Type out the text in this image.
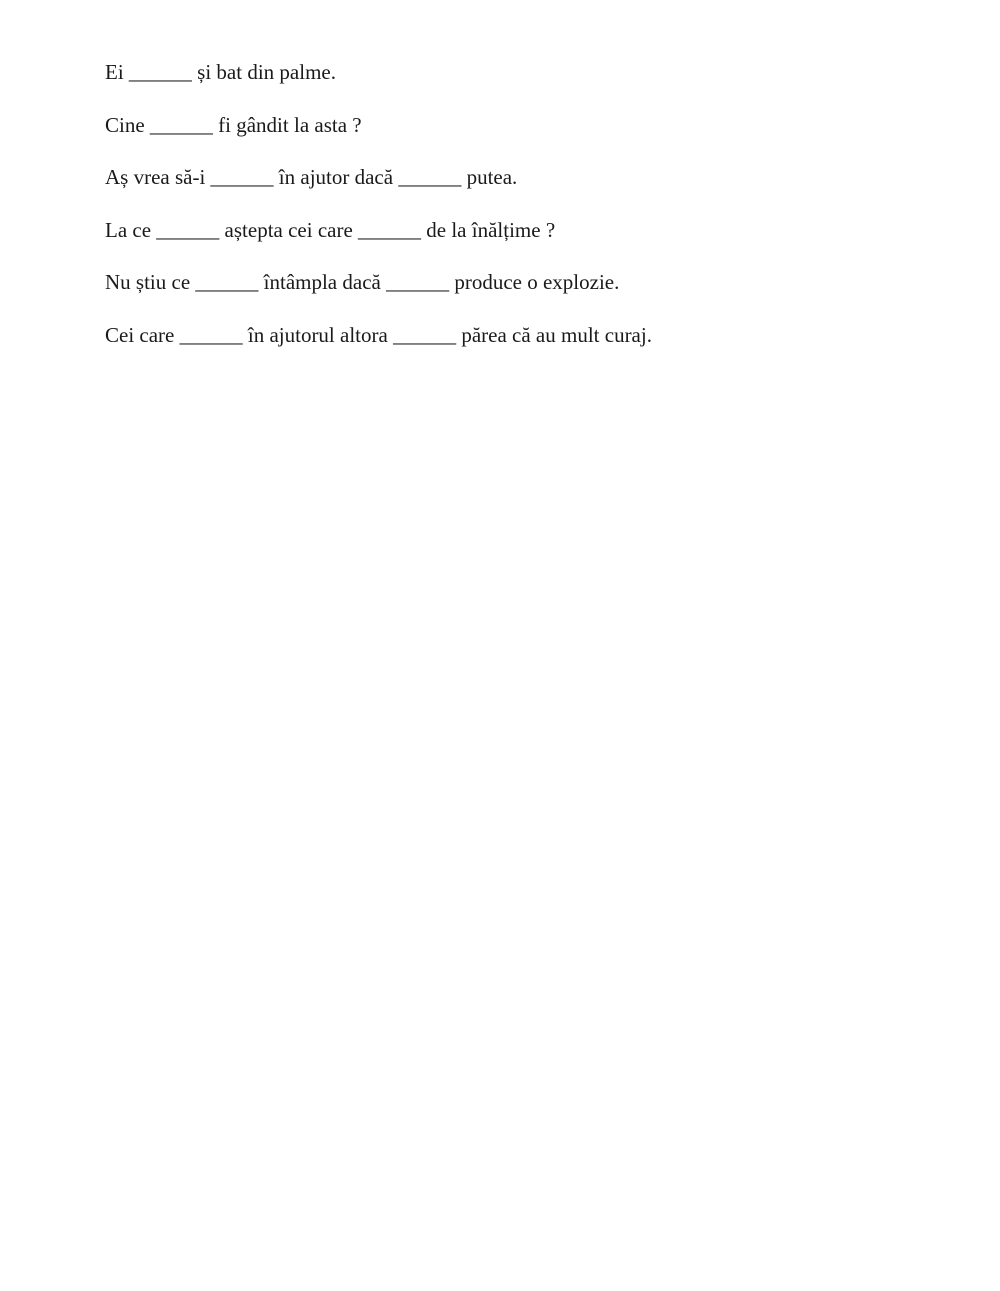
Ei ______ și bat din palme.
Cine ______ fi gândit la asta ?
Aș vrea să-i ______ în ajutor dacă ______ putea.
La ce ______ aștepta cei care ______ de la înălțime ?
Nu știu ce ______ întâmpla dacă ______ produce o explozie.
Cei care ______ în ajutorul altora ______ părea că au mult curaj.
